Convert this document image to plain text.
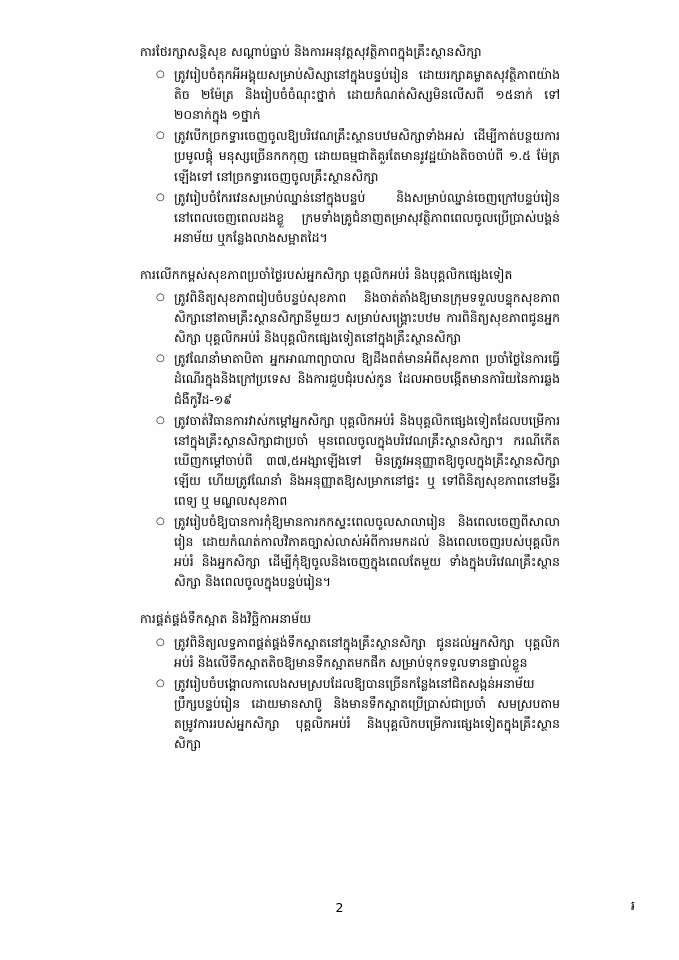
ការថែរក្សាសន្តិសុខ សណ្តាប់ធ្នាប់ និងការអនុវត្តសុវត្ថិភាពក្នុងគ្រឹះស្ថានសិក្សា

○ ត្រូវរៀបចំតុកអីអង្គុយសម្រាប់សិស្សានៅក្នុងបន្ទប់រៀន ដោយរក្សាគម្លាតសុវត្ថិភាពយ៉ាងតិច ២ម៉ែត្រ និងរៀបចំចំណុះថ្នាក់ ដោយកំណត់សិស្សមិនលើសពី ១៥នាក់ ទៅ ២០នាក់ក្នុង ១ថ្នាក់
○ ត្រូវបើកច្រកទ្វារចេញចូលឱ្យបរិវេណគ្រឹះស្ថានបឋមសិក្សាទាំងអស់ ដើម្បីកាត់បន្ថយការប្រមូលផ្តុំ មនុស្សច្រើនកកកុញ ដោយធម្មជាតិគួរតែមានរូវដ្ឋយ៉ាងតិចចាប់ពី ១.៥ ម៉ែត្រ ឡើងទៅ នៅច្រកទ្វារចេញចូលគ្រឹះស្ថានសិក្សា
○ ត្រូវរៀបចំកែរវេនសម្រាប់ឈ្នាន់នៅក្នុងបន្ទប់ និងសម្រាប់ឈ្នាន់ចេញក្រៅបន្ទប់រៀន នៅពេលចេញពេលដងខ្លួ ក្រមទាំងគ្រូជំនាញតម្រាសុវត្ថិភាពពេលចូលប្រើប្រាស់បង្គន់អនាម័យ ឬកន្លែងលាងសម្អាតដៃ។

ការលើកកម្ពស់សុខភាពប្រចាំថ្ងៃរបស់អ្នកសិក្សា បុគ្គលិកអប់រំ និងបុគ្គលិកផ្សេងទៀត

○ ត្រូវពិនិត្យសុខភាពរៀបចំបន្ទប់សុខភាព និងចាត់តាំងឱ្យមានក្រុមទទួលបន្ទុកសុខភាពសិក្សានៅតាមគ្រឹះស្ថានសិក្សានីមួយៗ សម្រាប់សង្រ្គោះបឋម ការពិនិត្យសុខភាពជូនអ្នកសិក្សា បុគ្គលិកអប់រំ និងបុគ្គលិកផ្សេងទៀតនៅក្នុងគ្រឹះស្ថានសិក្សា
○ ត្រូវណែនាំមាតាបិតា អ្នកអាណាព្យាបាល ឱ្យដឹងពត៌មានអំពីសុខភាព ប្រចាំថ្ងៃនៃការធ្វើដំណើរក្នុងនិងក្រៅប្រទេស និងការជួបជុំរបស់កូន ដែលអាចបង្កើតមានការិយនៃការឆ្លងជំងឺកូវីដ-១៩
○ ត្រូវចាត់វិធានការវាស់កម្ដៅអ្នកសិក្សា បុគ្គលិកអប់រំ និងបុគ្គលិកផ្សេងទៀតដែលបម្រើការនៅក្នុងគ្រឹះស្ថានសិក្សាជាប្រចាំ មុនពេលចូលក្នុងបរិវេណគ្រឹះស្ថានសិក្សា។ ករណីកើតឃើញកម្ដៅចាប់ពី ៣៧,៥អង្សាឡើងទៅ មិនត្រូវអនុញ្ញាតឱ្យចូលក្នុងគ្រឹះស្ថានសិក្សាឡើយ ហើយត្រូវណែនាំ និងអនុញ្ញាតឱ្យសម្រាកនៅផ្ទះ ឬ ទៅពិនិត្យសុខភាពនៅមន្ទីរពេទ្យ ឬ មណ្ឌលសុខភាព
○ ត្រូវរៀបចំឱ្យបានការកុំឱ្យមានការកកស្ទះពេលចូលសាលារៀន និងពេលចេញពីសាលារៀន ដោយកំណត់កាលវិភាគច្បាស់លាស់អំពីការមកដល់ និងពេលចេញរបស់បុគ្គលិកអប់រំ និងអ្នកសិក្សា ដើម្បីកុំឱ្យចូលនិងចេញក្នុងពេលតែមួយ ទាំងក្នុងបរិវេណគ្រឹះស្ថានសិក្សា និងពេលចូលក្នុងបន្ទប់រៀន។

ការផ្គត់ផ្គង់ទឹកស្អាត និងវិច្ឆិកាអនាម័យ

○ ត្រូវពិនិត្យលទ្ធភាពផ្គត់ផ្គង់ទឹកស្អាតនៅក្នុងគ្រឹះស្ថានសិក្សា ជូនដល់អ្នកសិក្សា បុគ្គលិកអប់រំ និងលើទឹកស្អាតតិចឱ្យមានទឹកស្អាតមកផឹក សម្រាប់ទុកទទួលទានផ្ទាល់ខ្លួន
○ ត្រូវរៀបចំបង្គោលកាលេងសមស្របដែលឱ្យបានច្រើនកន្លែងនៅជិតសង្កន់អនាម័យ ប្រឹក្សបន្ទប់រៀន ដោយមានសាប៊ូ និងមានទឹកស្អាតប្រើប្រាស់ជាប្រចាំ សមស្របតាមតម្រូវការរបស់អ្នកសិក្សា បុគ្គលិកអប់រំ និងបុគ្គលិកបម្រើការផ្សេងទៀតក្នុងគ្រឹះស្ថានសិក្សា
2	៛
